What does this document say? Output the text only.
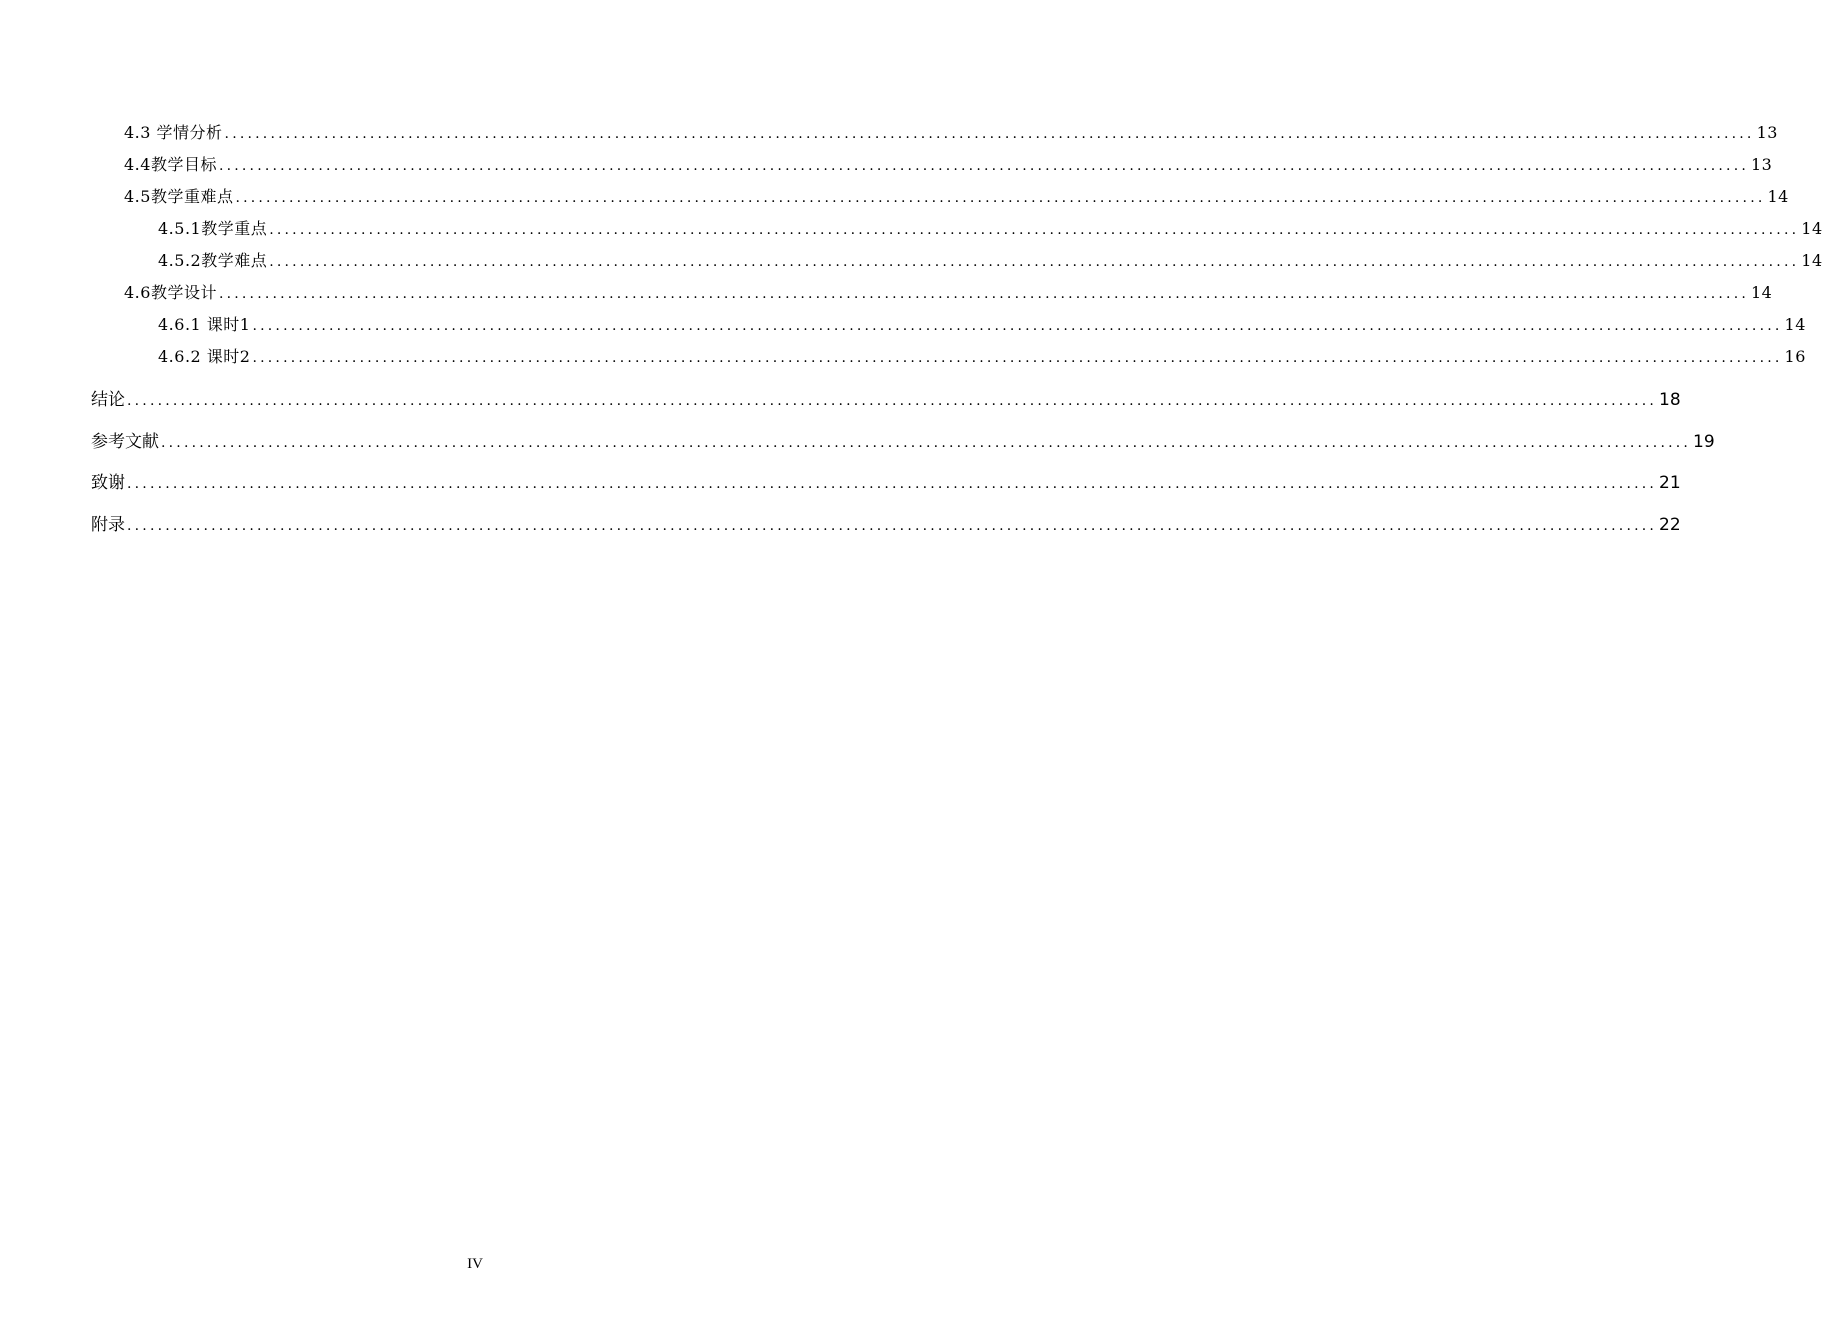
4.3 学情分析 ........................................................................................................................................................................................................ 13
4.4教学目标 ........................................................................................................................................................................................................ 13
4.5教学重难点 ........................................................................................................................................................................................................ 14
4.5.1教学重点 ........................................................................................................................................................................................................ 14
4.5.2教学难点 ........................................................................................................................................................................................................ 14
4.6教学设计 ........................................................................................................................................................................................................ 14
4.6.1 课时1 ........................................................................................................................................................................................................ 14
4.6.2 课时2 ........................................................................................................................................................................................................ 16
结论 ........................................................................................................................................................................................................ 18
参考文献 ........................................................................................................................................................................................................ 19
致谢 ........................................................................................................................................................................................................ 21
附录 ........................................................................................................................................................................................................ 22
IV
